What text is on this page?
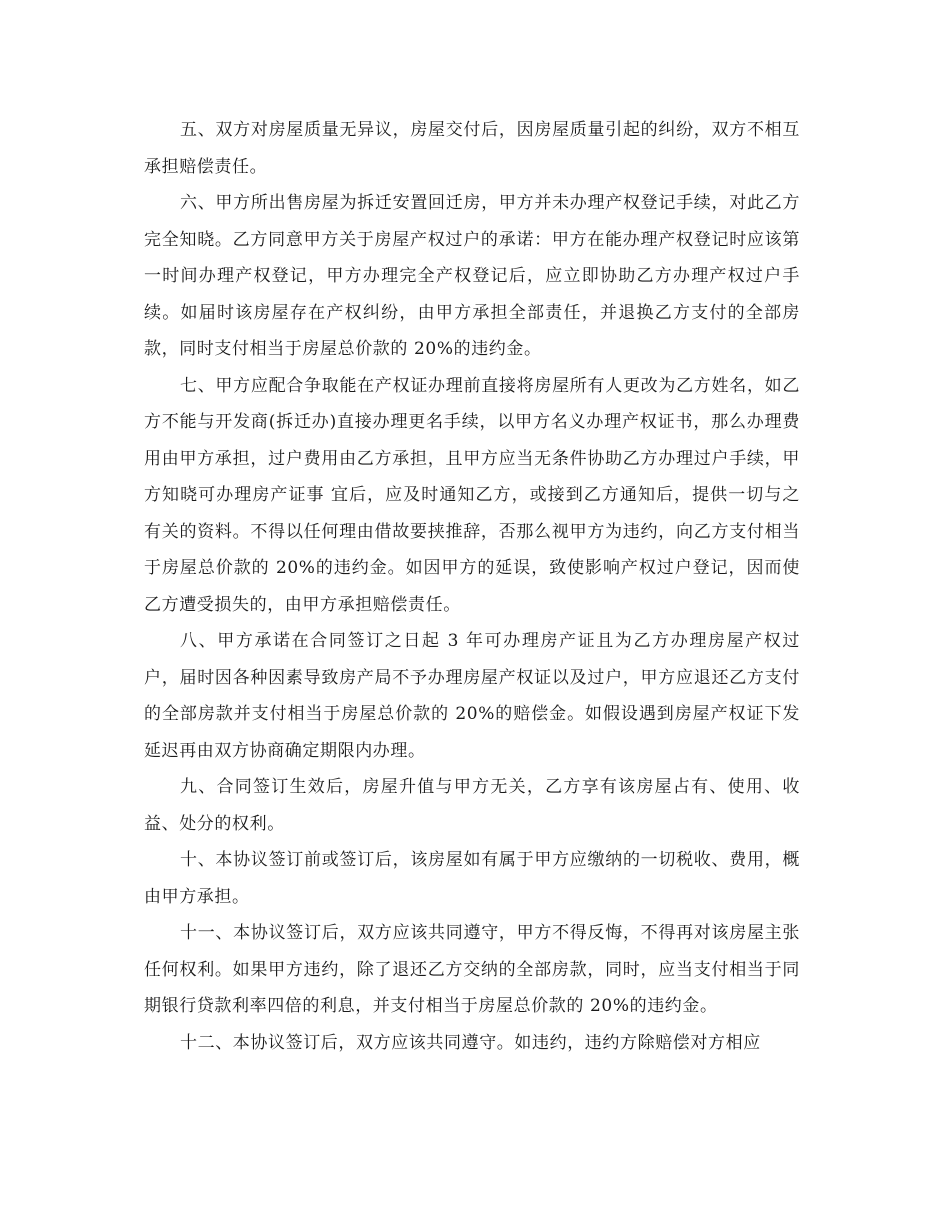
五、双方对房屋质量无异议，房屋交付后，因房屋质量引起的纠纷，双方不相互承担赔偿责任。

六、甲方所出售房屋为拆迁安置回迁房，甲方并未办理产权登记手续，对此乙方完全知晓。乙方同意甲方关于房屋产权过户的承诺：甲方在能办理产权登记时应该第一时间办理产权登记，甲方办理完全产权登记后，应立即协助乙方办理产权过户手续。如届时该房屋存在产权纠纷，由甲方承担全部责任，并退换乙方支付的全部房款，同时支付相当于房屋总价款的 20%的违约金。

七、甲方应配合争取能在产权证办理前直接将房屋所有人更改为乙方姓名，如乙方不能与开发商(拆迁办)直接办理更名手续，以甲方名义办理产权证书，那么办理费用由甲方承担，过户费用由乙方承担，且甲方应当无条件协助乙方办理过户手续，甲方知晓可办理房产证事 宜后，应及时通知乙方，或接到乙方通知后，提供一切与之有关的资料。不得以任何理由借故要挟推辞，否那么视甲方为违约，向乙方支付相当于房屋总价款的 20%的违约金。如因甲方的延误，致使影响产权过户登记，因而使乙方遭受损失的，由甲方承担赔偿责任。

八、甲方承诺在合同签订之日起 3 年可办理房产证且为乙方办理房屋产权过户，届时因各种因素导致房产局不予办理房屋产权证以及过户，甲方应退还乙方支付的全部房款并支付相当于房屋总价款的 20%的赔偿金。如假设遇到房屋产权证下发延迟再由双方协商确定期限内办理。

九、合同签订生效后，房屋升值与甲方无关，乙方享有该房屋占有、使用、收益、处分的权利。

十、本协议签订前或签订后，该房屋如有属于甲方应缴纳的一切税收、费用，概由甲方承担。

十一、本协议签订后，双方应该共同遵守，甲方不得反悔，不得再对该房屋主张任何权利。如果甲方违约，除了退还乙方交纳的全部房款，同时，应当支付相当于同期银行贷款利率四倍的利息，并支付相当于房屋总价款的 20%的违约金。

十二、本协议签订后，双方应该共同遵守。如违约，违约方除赔偿对方相应
